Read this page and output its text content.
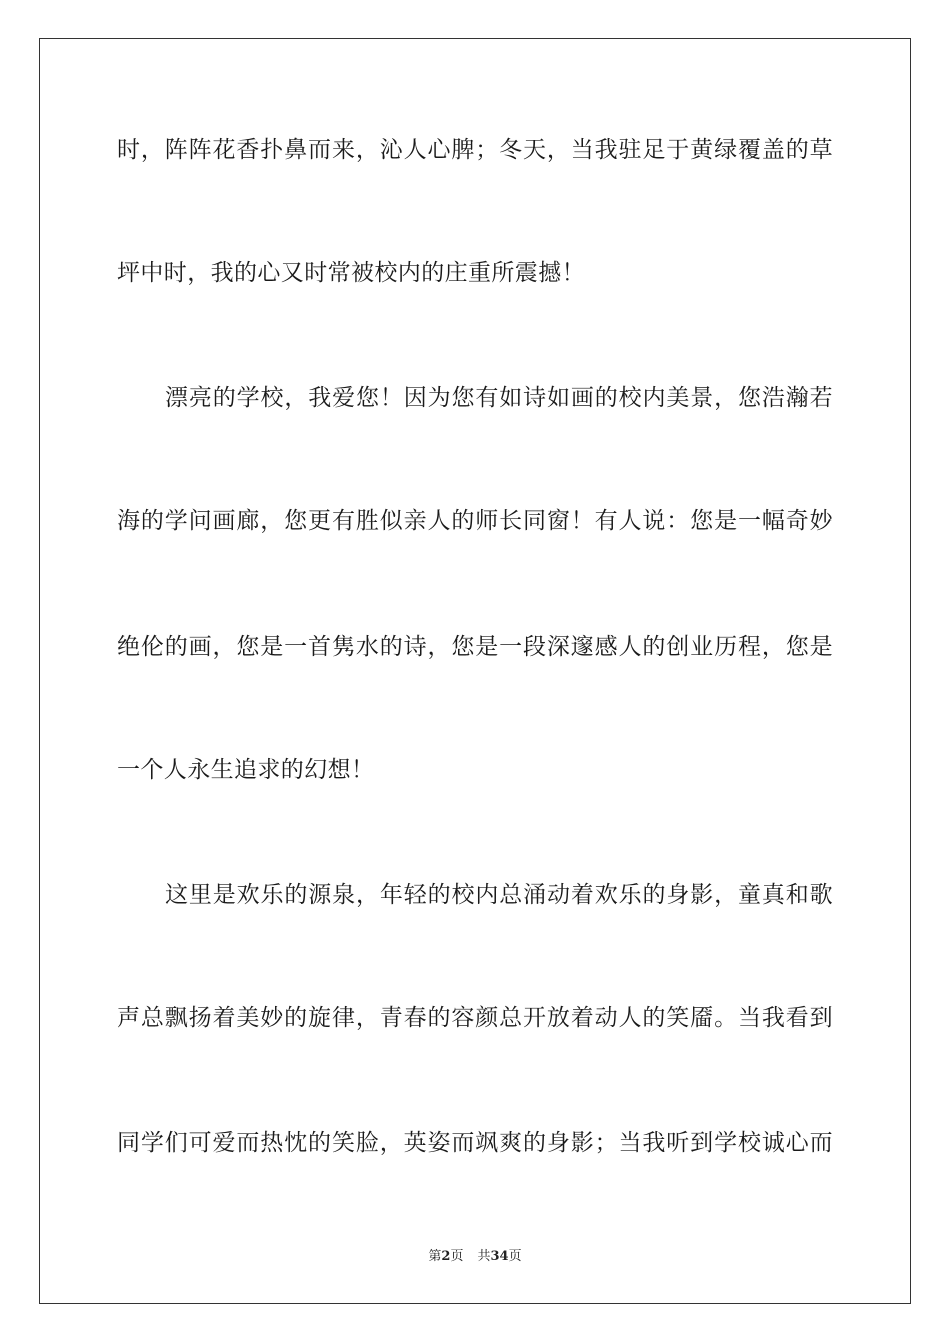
时，阵阵花香扑鼻而来，沁人心脾；冬天，当我驻足于黄绿覆盖的草
坪中时，我的心又时常被校内的庄重所震撼！
漂亮的学校，我爱您！因为您有如诗如画的校内美景，您浩瀚若
海的学问画廊，您更有胜似亲人的师长同窗！有人说：您是一幅奇妙
绝伦的画，您是一首隽水的诗，您是一段深邃感人的创业历程，您是
一个人永生追求的幻想！
这里是欢乐的源泉，年轻的校内总涌动着欢乐的身影，童真和歌
声总飘扬着美妙的旋律，青春的容颜总开放着动人的笑靥。当我看到
同学们可爱而热忱的笑脸，英姿而飒爽的身影；当我听到学校诚心而
第2页 共34页
